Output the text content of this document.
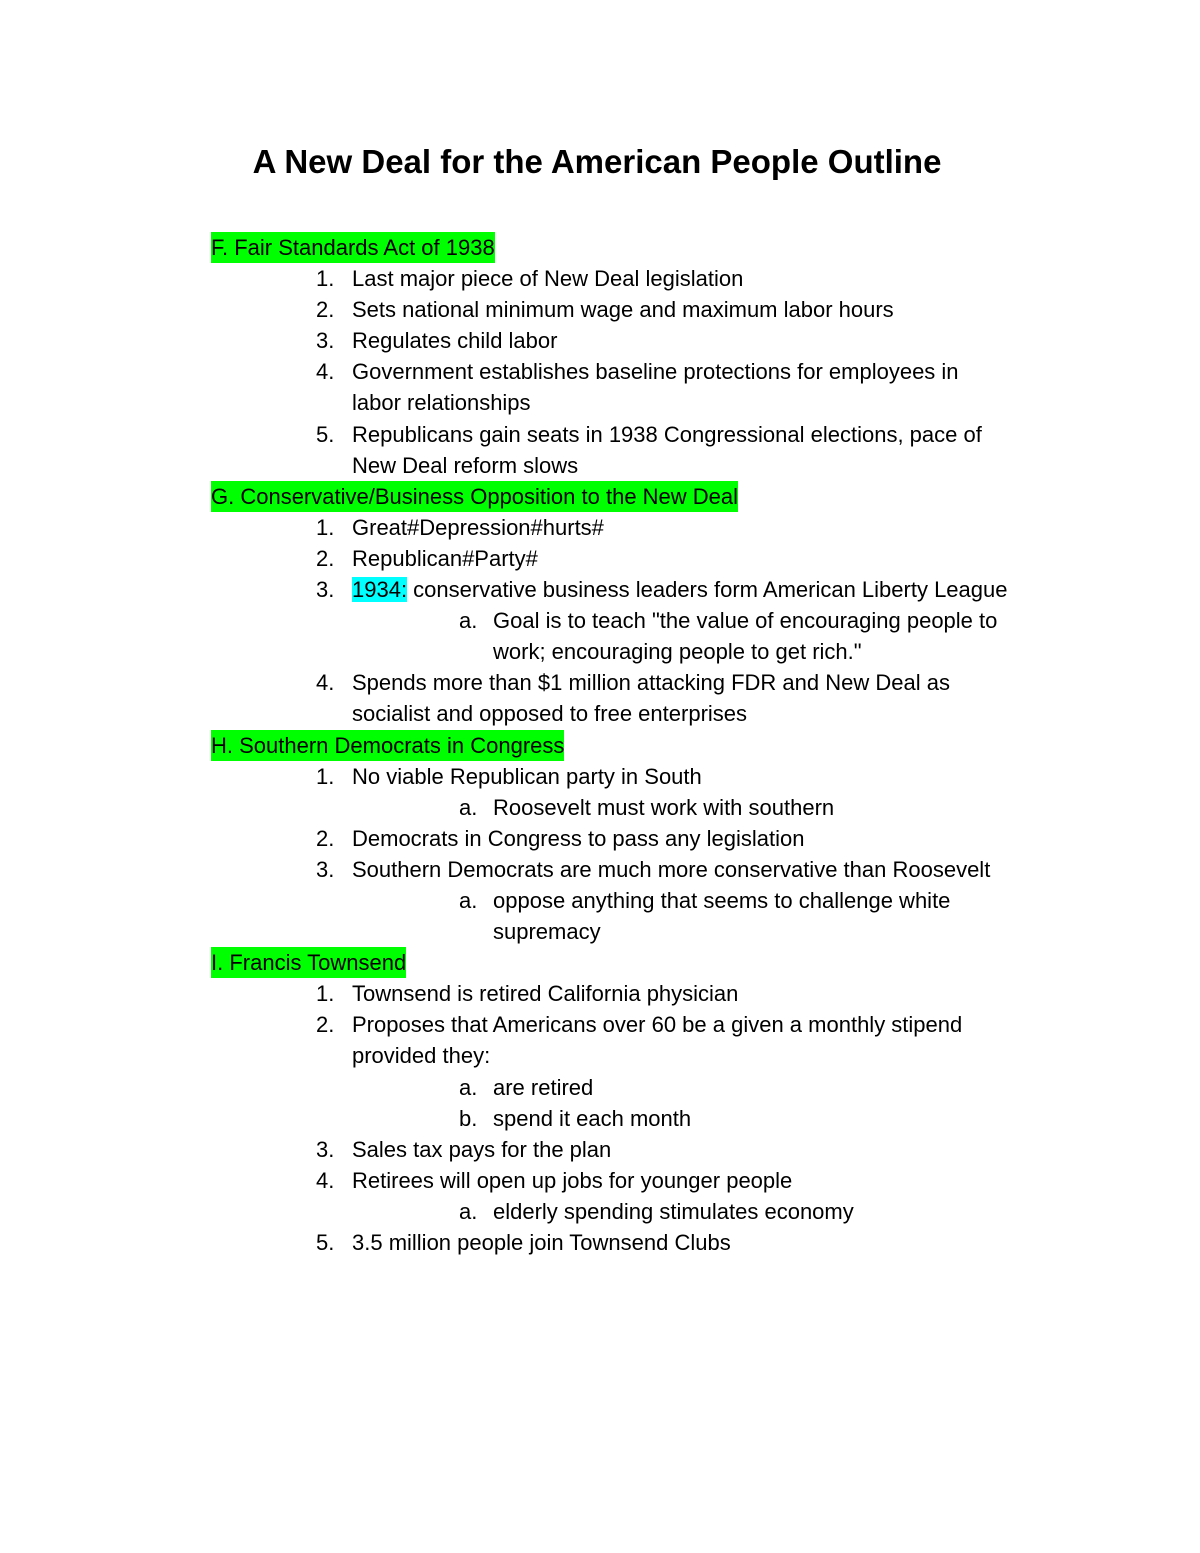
A New Deal for the American People Outline
F. Fair Standards Act of 1938
1. Last major piece of New Deal legislation
2. Sets national minimum wage and maximum labor hours
3. Regulates child labor
4. Government establishes baseline protections for employees in
labor relationships
5. Republicans gain seats in 1938 Congressional elections, pace of
New Deal reform slows
G. Conservative/Business Opposition to the New Deal
1. Great#Depression#hurts#
2. Republican#Party#
3. 1934: conservative business leaders form American Liberty League
a. Goal is to teach "the value of encouraging people to
work; encouraging people to get rich."
4. Spends more than $1 million attacking FDR and New Deal as
socialist and opposed to free enterprises
H. Southern Democrats in Congress
1. No viable Republican party in South
a. Roosevelt must work with southern
2. Democrats in Congress to pass any legislation
3. Southern Democrats are much more conservative than Roosevelt
a. oppose anything that seems to challenge white
supremacy
I. Francis Townsend
1. Townsend is retired California physician
2. Proposes that Americans over 60 be a given a monthly stipend
provided they:
a. are retired
b. spend it each month
3. Sales tax pays for the plan
4. Retirees will open up jobs for younger people
a. elderly spending stimulates economy
5. 3.5 million people join Townsend Clubs
